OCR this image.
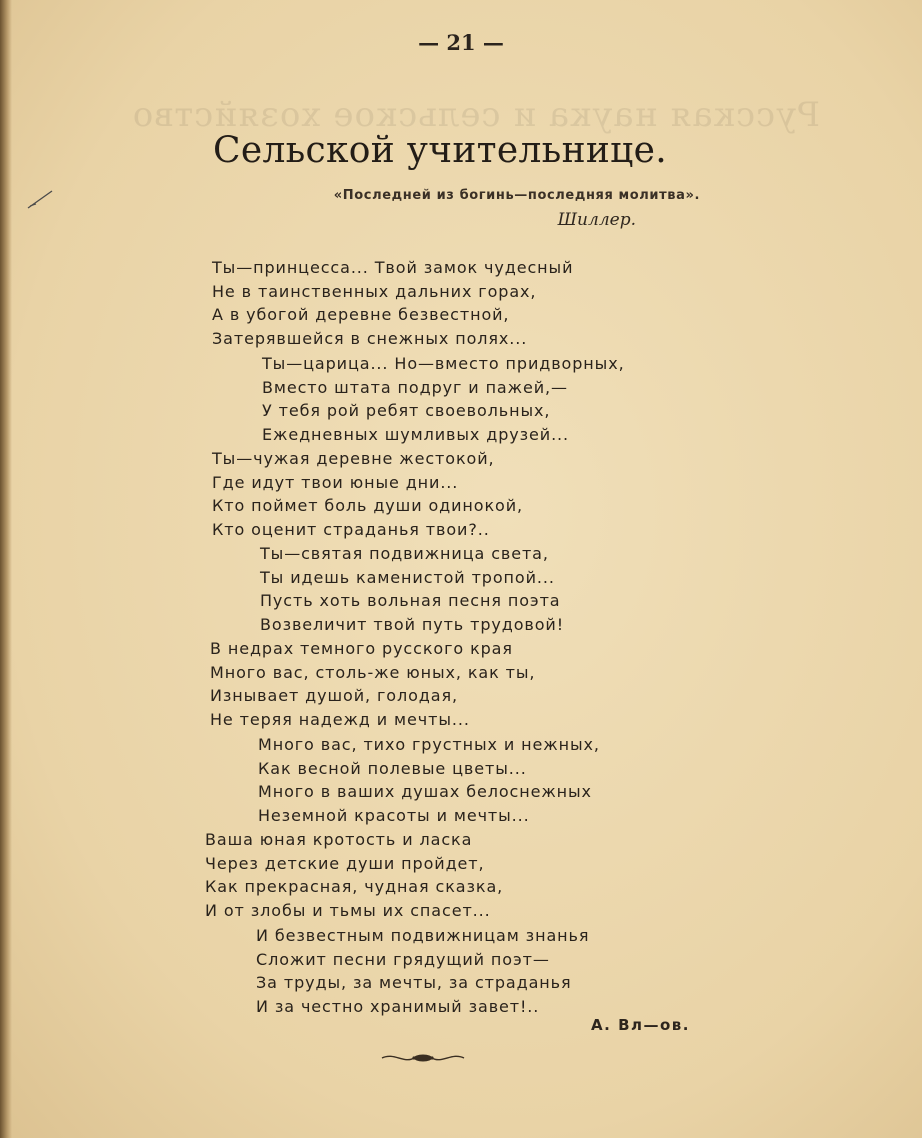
Русская наука и сельское хозяйство
— 21 —
Сельской учительнице.
«Последней из богинь—последняя молитва».
Шиллер.
Ты—принцесса... Твой замок чудесный
Не в таинственных дальних горах,
А в убогой деревне безвестной,
Затерявшейся в снежных полях...
Ты—царица... Но—вместо придворных,
Вместо штата подруг и пажей,—
У тебя рой ребят своевольных,
Ежедневных шумливых друзей...
Ты—чужая деревне жестокой,
Где идут твои юные дни...
Кто поймет боль души одинокой,
Кто оценит страданья твои?..
Ты—святая подвижница света,
Ты идешь каменистой тропой...
Пусть хоть вольная песня поэта
Возвеличит твой путь трудовой!
В недрах темного русского края
Много вас, столь-же юных, как ты,
Изнывает душой, голодая,
Не теряя надежд и мечты...
Много вас, тихо грустных и нежных,
Как весной полевые цветы...
Много в ваших душах белоснежных
Неземной красоты и мечты...
Ваша юная кротость и ласка
Через детские души пройдет,
Как прекрасная, чудная сказка,
И от злобы и тьмы их спасет...
И безвестным подвижницам знанья
Сложит песни грядущий поэт—
За труды, за мечты, за страданья
И за честно хранимый завет!..
А. Вл—ов.
